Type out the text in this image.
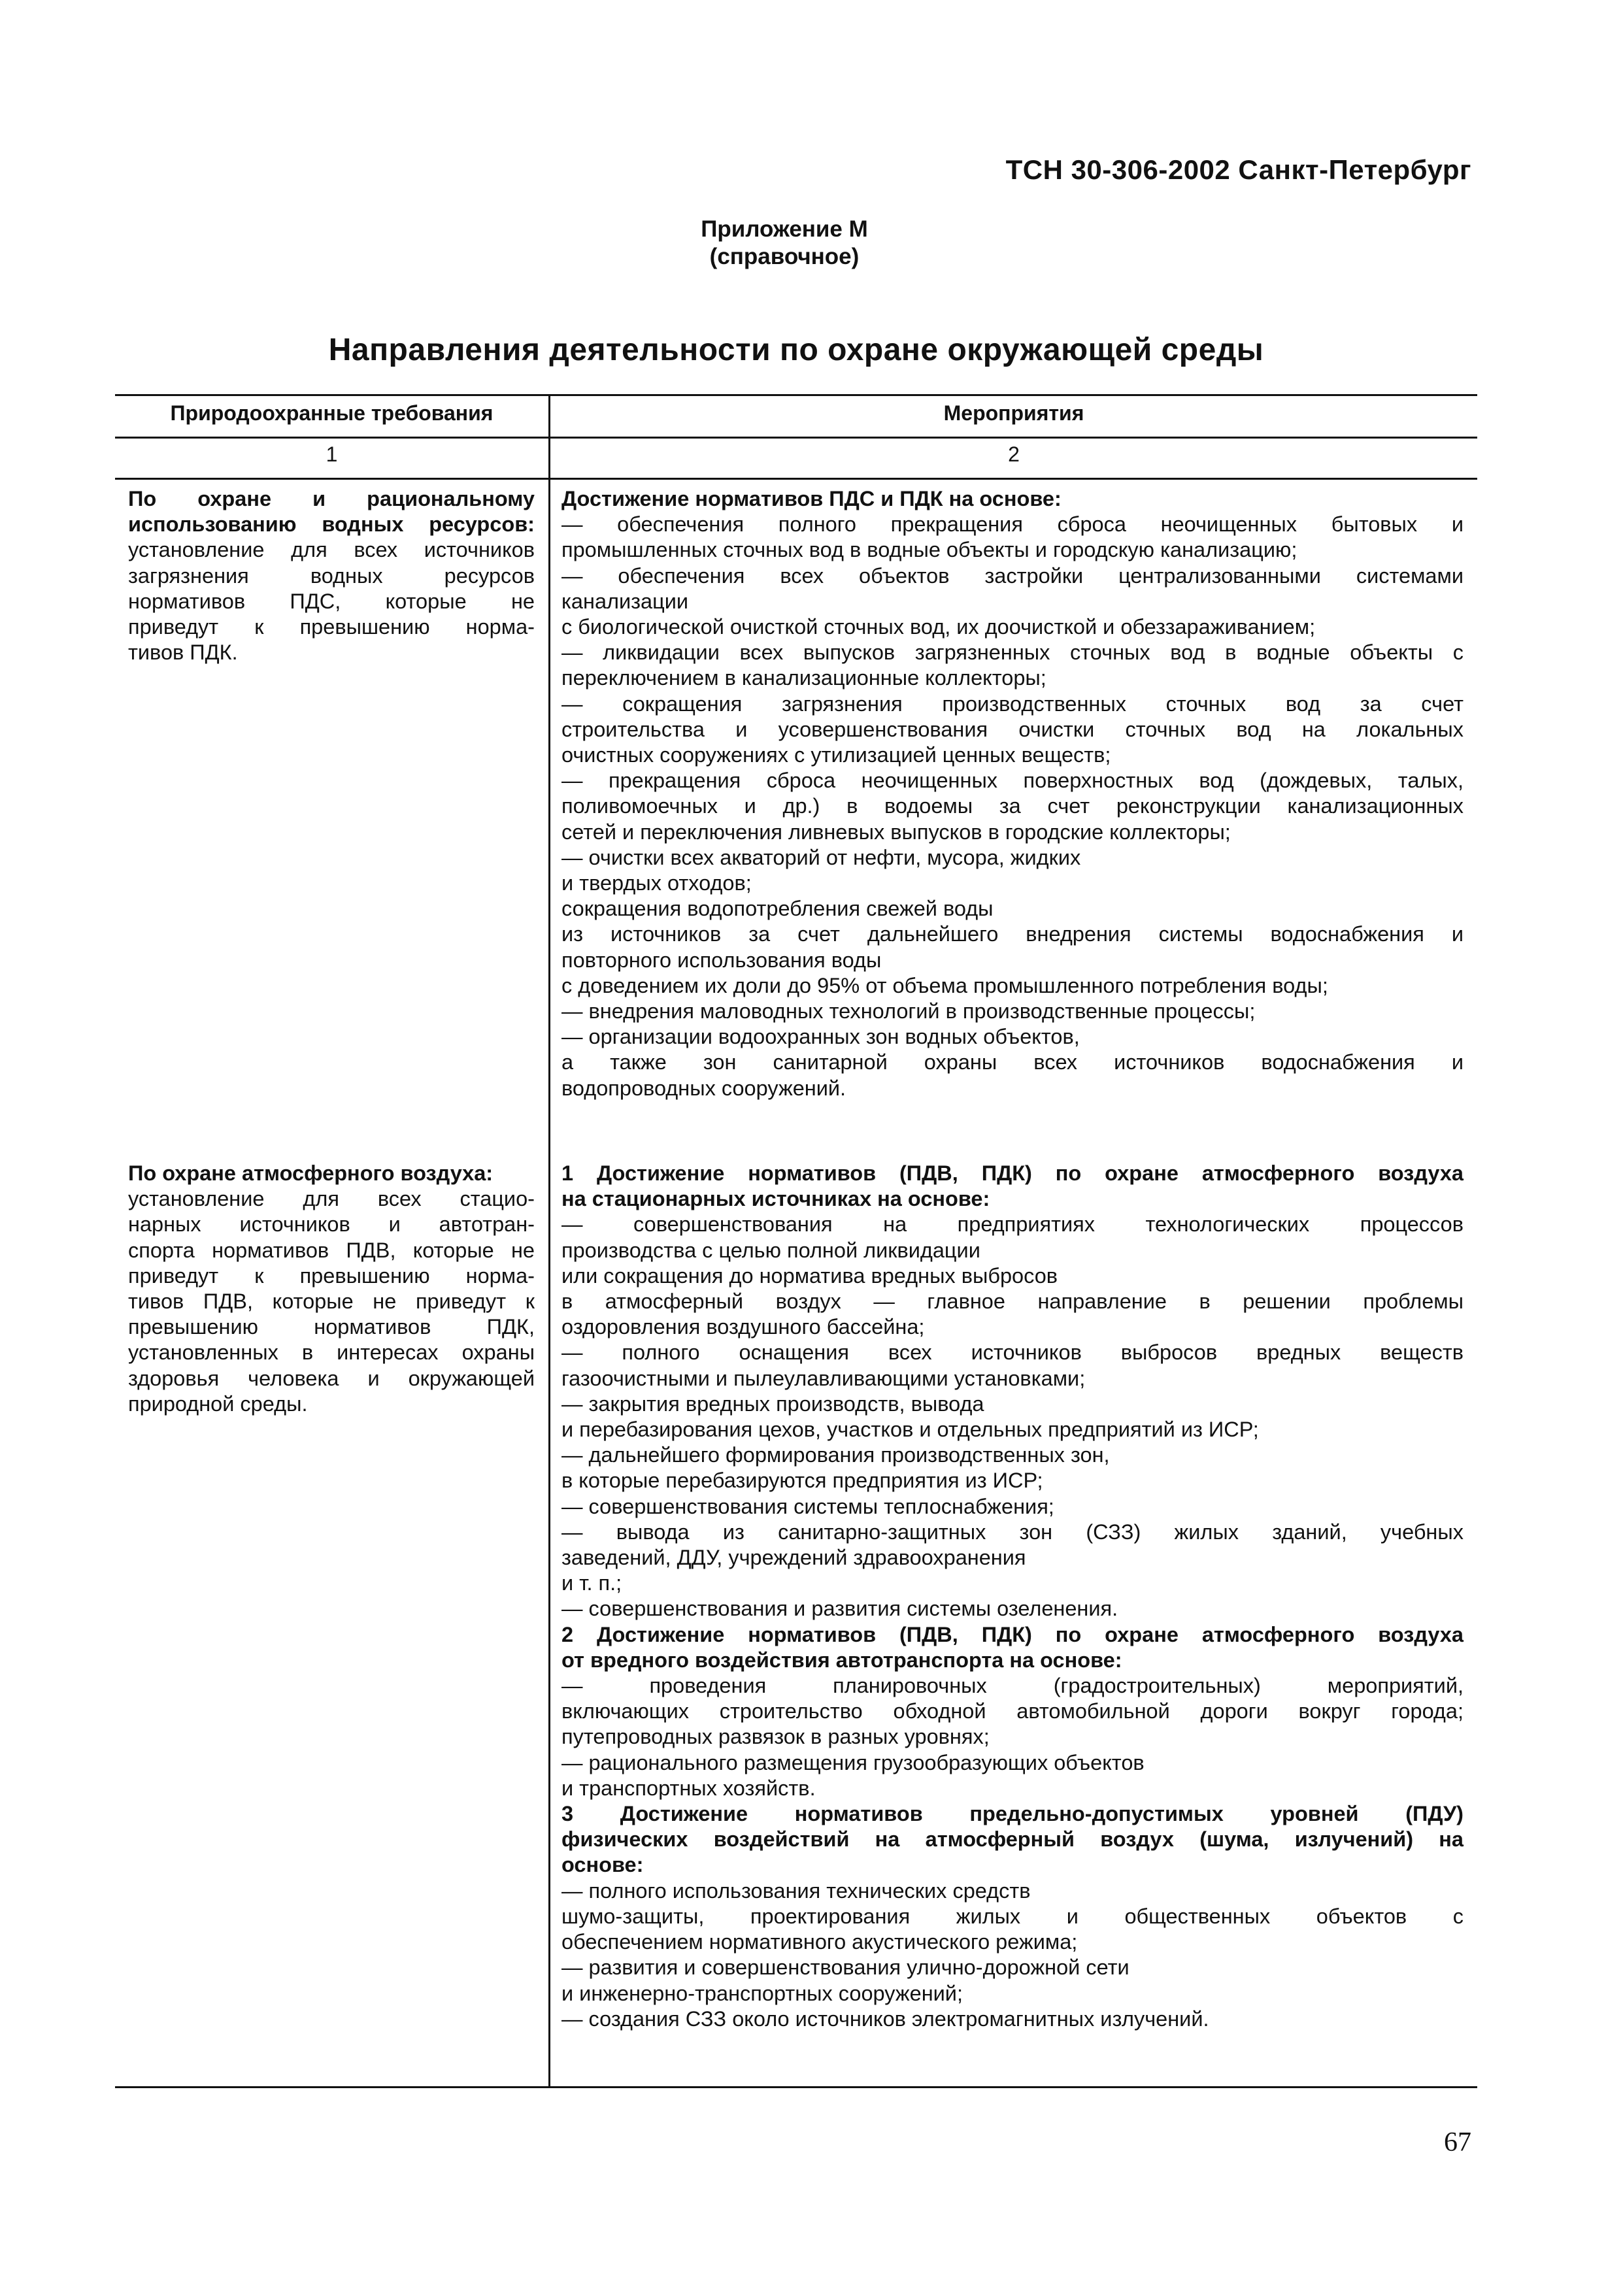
ТСН 30-306-2002 Санкт-Петербург
Приложение М
(справочное)
Направления деятельности по охране окружающей среды
Природоохранные требования	Мероприятия
1	2

По охране и рациональному

использованию водных ресурсов:

установление для всех источников

загрязнения водных ресурсов

нормативов ПДС, которые не

приведут к превышению норма-

тивов ПДК.

Достижение нормативов ПДС и ПДК на основе:

— обеспечения полного прекращения сброса неочищенных бытовых и

промышленных сточных вод в водные объекты и городскую канализацию;

— обеспечения всех объектов застройки централизованными системами

канализации

с биологической очисткой сточных вод, их доочисткой и обеззараживанием;

— ликвидации всех выпусков загрязненных сточных вод в водные объекты с

переключением в канализационные коллекторы;

— сокращения загрязнения производственных сточных вод за счет

строительства и усовершенствования очистки сточных вод на локальных

очистных сооружениях с утилизацией ценных веществ;

— прекращения сброса неочищенных поверхностных вод (дождевых, талых,

поливомоечных и др.) в водоемы за счет реконструкции канализационных

сетей и переключения ливневых выпусков в городские коллекторы;

— очистки всех акваторий от нефти, мусора, жидких

и твердых отходов;

сокращения водопотребления свежей воды

из источников за счет дальнейшего внедрения системы водоснабжения и

повторного использования воды

с доведением их доли до 95% от объема промышленного потребления воды;

— внедрения маловодных технологий в производственные процессы;

— организации водоохранных зон водных объектов,

а также зон санитарной охраны всех источников водоснабжения и

водопроводных сооружений.

По охране атмосферного воздуха:

установление для всех стацио-

нарных источников и автотран-

спорта нормативов ПДВ, которые не

приведут к превышению норма-

тивов ПДВ, которые не приведут к

превышению нормативов ПДК,

установленных в интересах охраны

здоровья человека и окружающей

природной среды.

1 Достижение нормативов (ПДВ, ПДК) по охране атмосферного воздуха

на стационарных источниках на основе:

— совершенствования на предприятиях технологических процессов

производства с целью полной ликвидации

или сокращения до норматива вредных выбросов

в атмосферный воздух — главное направление в решении проблемы

оздоровления воздушного бассейна;

— полного оснащения всех источников выбросов вредных веществ

газоочистными и пылеулавливающими установками;

— закрытия вредных производств, вывода

и перебазирования цехов, участков и отдельных предприятий из ИСР;

— дальнейшего формирования производственных зон,

в которые перебазируются предприятия из ИСР;

— совершенствования системы теплоснабжения;

— вывода из санитарно-защитных зон (СЗЗ) жилых зданий, учебных

заведений, ДДУ, учреждений здравоохранения

и т. п.;

— совершенствования и развития системы озеленения.

2 Достижение нормативов (ПДВ, ПДК) по охране атмосферного воздуха

от вредного воздействия автотранспорта на основе:

— проведения планировочных (градостроительных) мероприятий,

включающих строительство обходной автомобильной дороги вокруг города;

путепроводных развязок в разных уровнях;

— рационального размещения грузообразующих объектов

и транспортных хозяйств.

3 Достижение нормативов предельно-допустимых уровней (ПДУ)

физических воздействий на атмосферный воздух (шума, излучений) на

основе:

— полного использования технических средств

шумо-защиты, проектирования жилых и общественных объектов с

обеспечением нормативного акустического режима;

— развития и совершенствования улично-дорожной сети

и инженерно-транспортных сооружений;

— создания СЗЗ около источников электромагнитных излучений.

67
